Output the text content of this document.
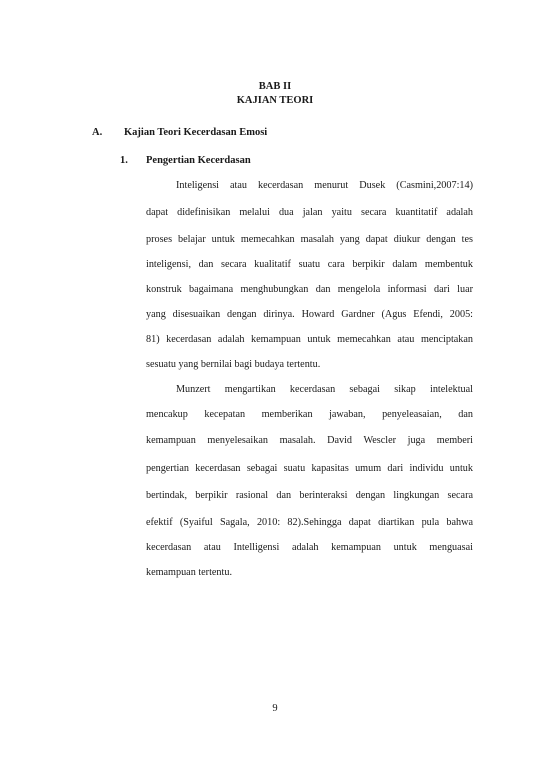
BAB II
KAJIAN TEORI
A. Kajian Teori Kecerdasan Emosi
1. Pengertian Kecerdasan
Inteligensi atau kecerdasan menurut Dusek (Casmini,2007:14)
dapat didefinisikan melalui dua jalan yaitu secara kuantitatif adalah
proses belajar untuk memecahkan masalah yang dapat diukur dengan tes
inteligensi, dan secara kualitatif suatu cara berpikir dalam membentuk
konstruk bagaimana menghubungkan dan mengelola informasi dari luar
yang disesuaikan dengan dirinya. Howard Gardner (Agus Efendi, 2005:
81) kecerdasan adalah kemampuan untuk memecahkan atau menciptakan
sesuatu yang bernilai bagi budaya tertentu.
Munzert mengartikan kecerdasan sebagai sikap intelektual
mencakup kecepatan memberikan jawaban, penyeleasaian, dan
kemampuan menyelesaikan masalah. David Wescler juga memberi
pengertian kecerdasan sebagai suatu kapasitas umum dari individu untuk
bertindak, berpikir rasional dan berinteraksi dengan lingkungan secara
efektif (Syaiful Sagala, 2010: 82).Sehingga dapat diartikan pula bahwa
kecerdasan atau Intelligensi adalah kemampuan untuk menguasai
kemampuan tertentu.
9
